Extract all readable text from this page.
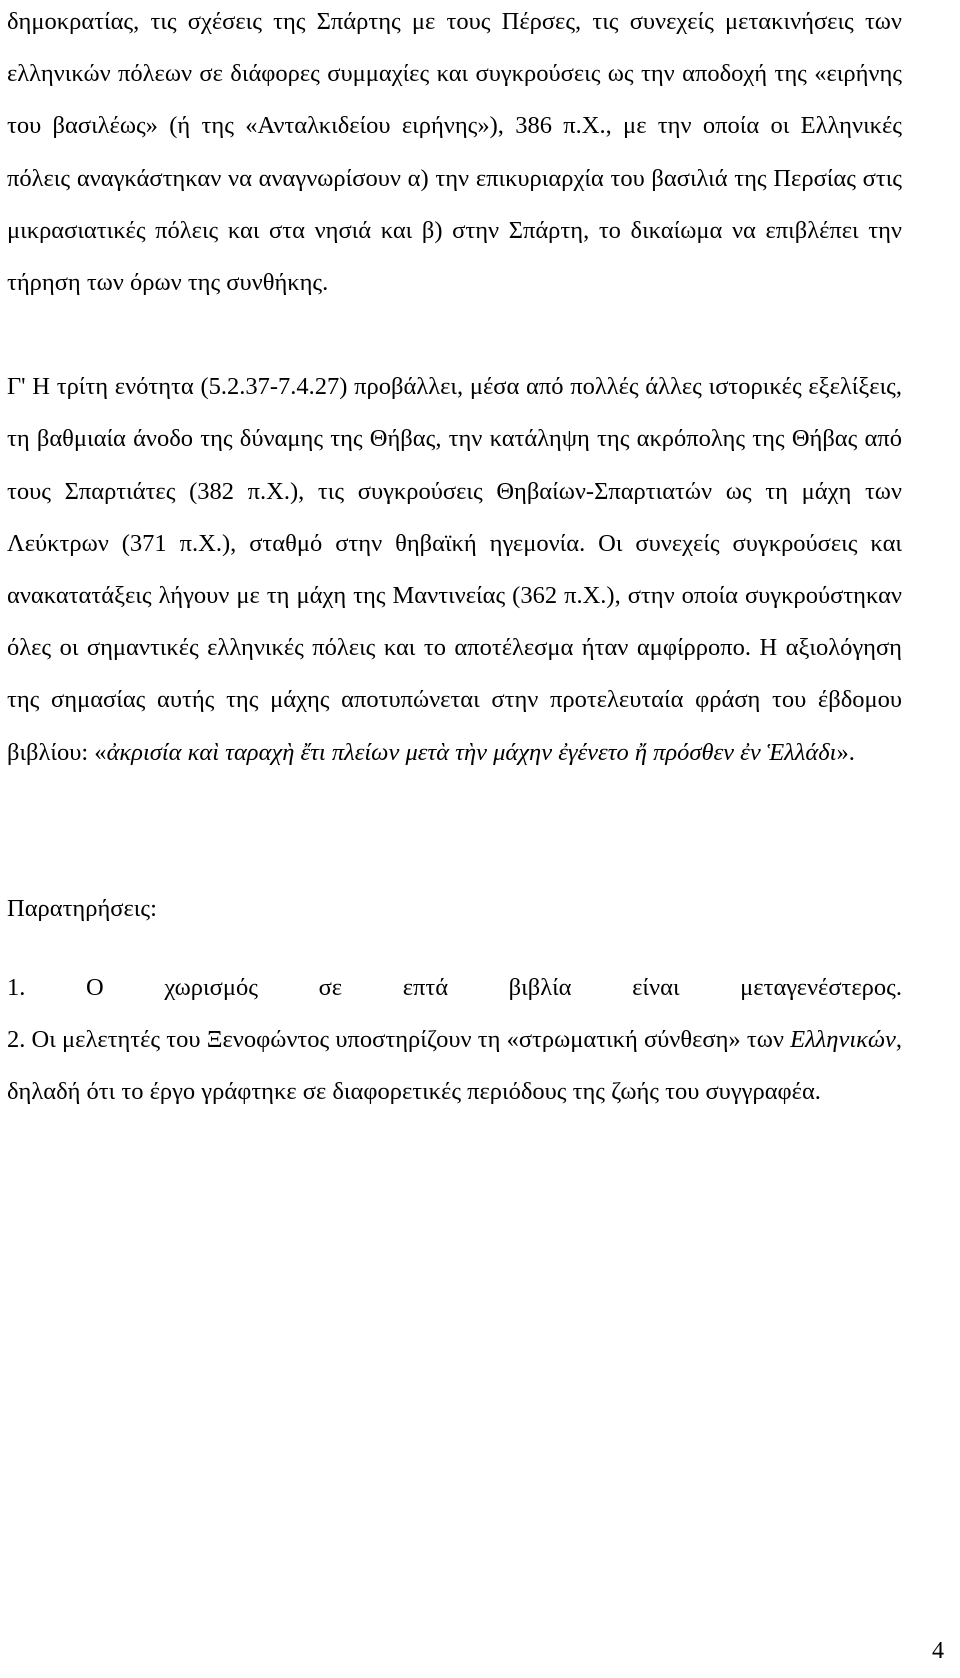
δημοκρατίας, τις σχέσεις της Σπάρτης με τους Πέρσες, τις συνεχείς μετακινήσεις των ελληνικών πόλεων σε διάφορες συμμαχίες και συγκρούσεις ως την αποδοχή της «ειρήνης του βασιλέως» (ή της «Ανταλκιδείου ειρήνης»), 386 π.Χ., με την οποία οι Ελληνικές πόλεις αναγκάστηκαν να αναγνωρίσουν α) την επικυριαρχία του βασιλιά της Περσίας στις μικρασιατικές πόλεις και στα νησιά και β) στην Σπάρτη, το δικαίωμα να επιβλέπει την τήρηση των όρων της συνθήκης.

Γ' Η τρίτη ενότητα (5.2.37-7.4.27) προβάλλει, μέσα από πολλές άλλες ιστορικές εξελίξεις, τη βαθμιαία άνοδο της δύναμης της Θήβας, την κατάληψη της ακρόπολης της Θήβας από τους Σπαρτιάτες (382 π.Χ.), τις συγκρούσεις Θηβαίων-Σπαρτιατών ως τη μάχη των Λεύκτρων (371 π.Χ.), σταθμό στην θηβαϊκή ηγεμονία. Οι συνεχείς συγκρούσεις και ανακατατάξεις λήγουν με τη μάχη της Μαντινείας (362 π.Χ.), στην οποία συγκρούστηκαν όλες οι σημαντικές ελληνικές πόλεις και το αποτέλεσμα ήταν αμφίρροπο. Η αξιολόγηση της σημασίας αυτής της μάχης αποτυπώνεται στην προτελευταία φράση του έβδομου βιβλίου: «ἀκρισία καὶ ταραχὴ ἔτι πλείων μετὰ τὴν μάχην ἐγένετο ἤ πρόσθεν ἐν Ἑλλάδι».

Παρατηρήσεις:

1. Ο χωρισμός σε επτά βιβλία είναι μεταγενέστερος.

2. Οι μελετητές του Ξενοφώντος υποστηρίζουν τη «στρωματική σύνθεση» των Ελληνικών, δηλαδή ότι το έργο γράφτηκε σε διαφορετικές περιόδους της ζωής του συγγραφέα.

4
